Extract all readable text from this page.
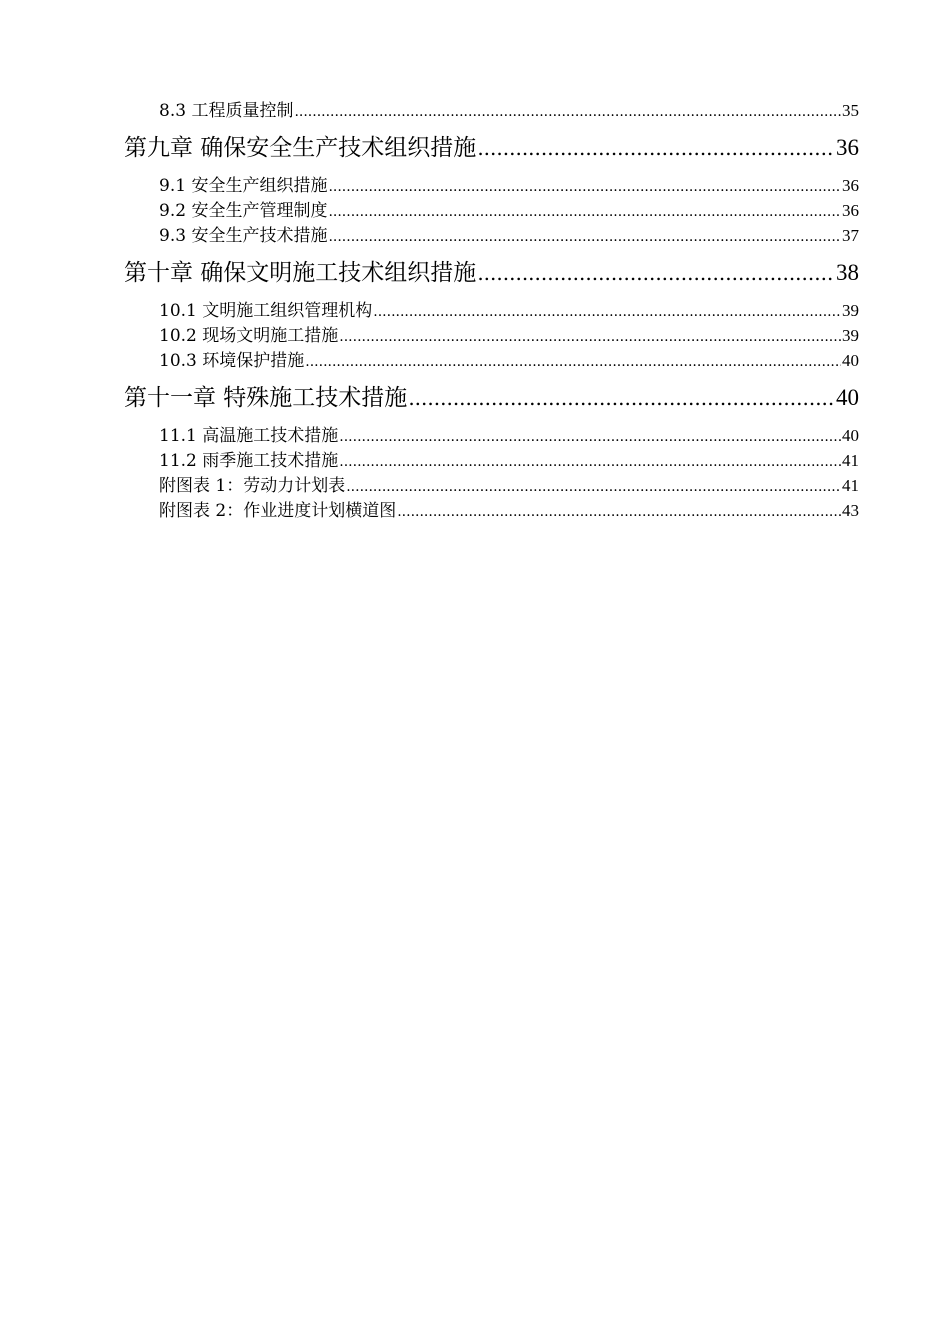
8.3 工程质量控制 .....	35
第九章 确保安全生产技术组织措施 .....	36
9.1 安全生产组织措施 .....	36
9.2 安全生产管理制度 .....	36
9.3 安全生产技术措施 .....	37
第十章 确保文明施工技术组织措施 .....	38
10.1 文明施工组织管理机构 .....	39
10.2 现场文明施工措施 .....	39
10.3 环境保护措施 .....	40
第十一章 特殊施工技术措施 .....	40
11.1 高温施工技术措施 .....	40
11.2 雨季施工技术措施 .....	41
附图表 1：劳动力计划表 .....	41
附图表 2：作业进度计划横道图 .....	43
